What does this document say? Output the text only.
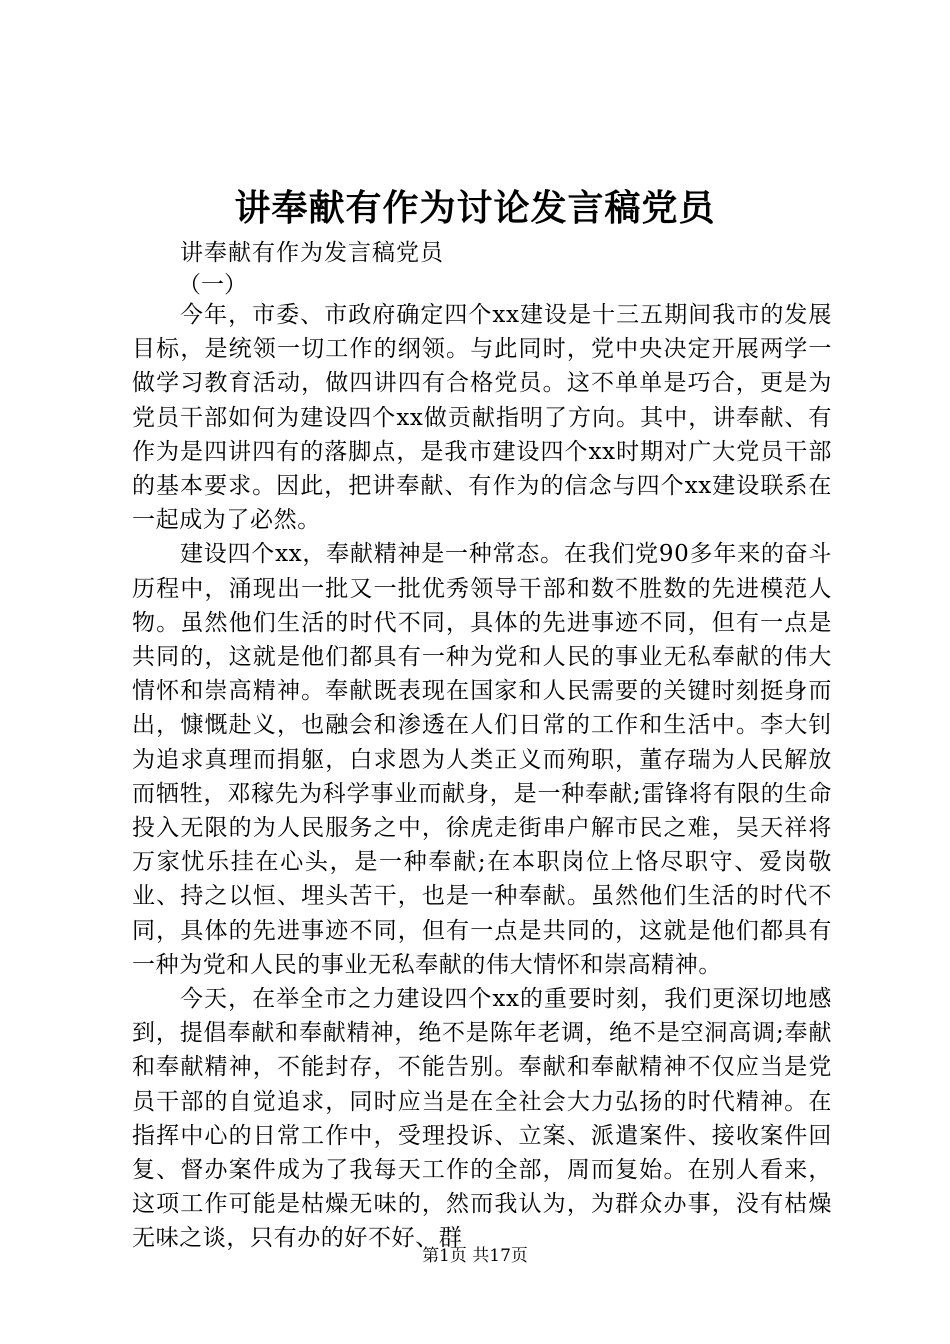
讲奉献有作为讨论发言稿党员
讲奉献有作为发言稿党员
（一）

今年，市委、市政府确定四个xx建设是十三五期间我市的发展目标，是统领一切工作的纲领。与此同时，党中央决定开展两学一做学习教育活动，做四讲四有合格党员。这不单单是巧合，更是为党员干部如何为建设四个xx做贡献指明了方向。其中，讲奉献、有作为是四讲四有的落脚点，是我市建设四个xx时期对广大党员干部的基本要求。因此，把讲奉献、有作为的信念与四个xx建设联系在一起成为了必然。

建设四个xx，奉献精神是一种常态。在我们党90多年来的奋斗历程中，涌现出一批又一批优秀领导干部和数不胜数的先进模范人物。虽然他们生活的时代不同，具体的先进事迹不同，但有一点是共同的，这就是他们都具有一种为党和人民的事业无私奉献的伟大情怀和崇高精神。奉献既表现在国家和人民需要的关键时刻挺身而出，慷慨赴义，也融会和渗透在人们日常的工作和生活中。李大钊为追求真理而捐躯，白求恩为人类正义而殉职，董存瑞为人民解放而牺牲，邓稼先为科学事业而献身，是一种奉献;雷锋将有限的生命投入无限的为人民服务之中，徐虎走街串户解市民之难，吴天祥将万家忧乐挂在心头，是一种奉献;在本职岗位上恪尽职守、爱岗敬业、持之以恒、埋头苦干，也是一种奉献。虽然他们生活的时代不同，具体的先进事迹不同，但有一点是共同的，这就是他们都具有一种为党和人民的事业无私奉献的伟大情怀和崇高精神。

今天，在举全市之力建设四个xx的重要时刻，我们更深切地感到，提倡奉献和奉献精神，绝不是陈年老调，绝不是空洞高调;奉献和奉献精神，不能封存，不能告别。奉献和奉献精神不仅应当是党员干部的自觉追求，同时应当是在全社会大力弘扬的时代精神。在指挥中心的日常工作中，受理投诉、立案、派遣案件、接收案件回复、督办案件成为了我每天工作的全部，周而复始。在别人看来，这项工作可能是枯燥无味的，然而我认为，为群众办事，没有枯燥无味之谈，只有办的好不好、群

第1页 共17页
